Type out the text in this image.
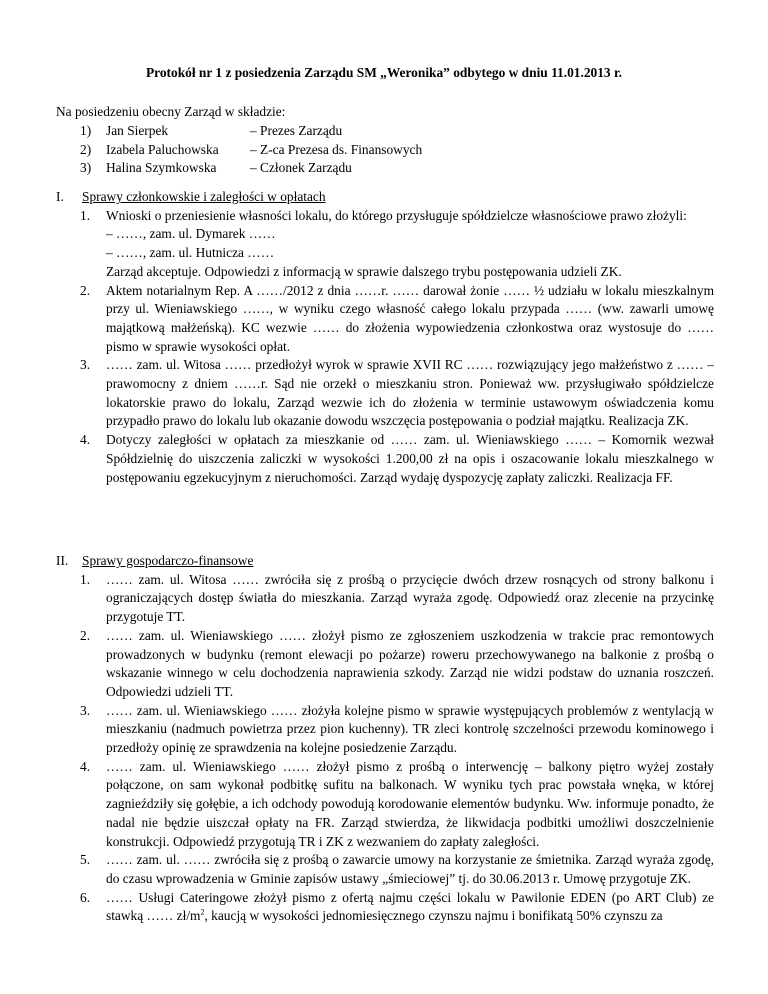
Protokół nr 1 z posiedzenia Zarządu SM „Weronika” odbytego w dniu 11.01.2013 r.
Na posiedzeniu obecny Zarząd w składzie:
1) Jan Sierpek	– Prezes Zarządu
2) Izabela Paluchowska – Z-ca Prezesa ds. Finansowych
3) Halina Szymkowska	– Członek Zarządu
I. Sprawy członkowskie i zaległości w opłatach
1. Wnioski o przeniesienie własności lokalu, do którego przysługuje spółdzielcze własnościowe prawo złożyli:
– ……, zam. ul. Dymarek ……
– ……, zam. ul. Hutnicza ……
Zarząd akceptuje. Odpowiedzi z informacją w sprawie dalszego trybu postępowania udzieli ZK.
2. Aktem notarialnym Rep. A ……/2012 z dnia ……r. …… darował żonie …… ½ udziału w lokalu mieszkalnym przy ul. Wieniawskiego ……, w wyniku czego własność całego lokalu przypada …… (ww. zawarli umowę majątkową małżeńską). KC wezwie …… do złożenia wypowiedzenia członkostwa oraz wystosuje do …… pismo w sprawie wysokości opłat.
3. …… zam. ul. Witosa …… przedłożył wyrok w sprawie XVII RC …… rozwiązujący jego małżeństwo z …… – prawomocny z dniem ……r. Sąd nie orzekł o mieszkaniu stron. Ponieważ ww. przysługiwało spółdzielcze lokatorskie prawo do lokalu, Zarząd wezwie ich do złożenia w terminie ustawowym oświadczenia komu przypadło prawo do lokalu lub okazanie dowodu wszczęcia postępowania o podział majątku. Realizacja ZK.
4. Dotyczy zaległości w opłatach za mieszkanie od …… zam. ul. Wieniawskiego …… – Komornik wezwał Spółdzielnię do uiszczenia zaliczki w wysokości 1.200,00 zł na opis i oszacowanie lokalu mieszkalnego w postępowaniu egzekucyjnym z nieruchomości. Zarząd wydaję dyspozycję zapłaty zaliczki. Realizacja FF.
II. Sprawy gospodarczo-finansowe
1. …… zam. ul. Witosa …… zwróciła się z prośbą o przycięcie dwóch drzew rosnących od strony balkonu i ograniczających dostęp światła do mieszkania. Zarząd wyraża zgodę. Odpowiedź oraz zlecenie na przycinkę przygotuje TT.
2. …… zam. ul. Wieniawskiego …… złożył pismo ze zgłoszeniem uszkodzenia w trakcie prac remontowych prowadzonych w budynku (remont elewacji po pożarze) roweru przechowywanego na balkonie z prośbą o wskazanie winnego w celu dochodzenia naprawienia szkody. Zarząd nie widzi podstaw do uznania roszczeń. Odpowiedzi udzieli TT.
3. …… zam. ul. Wieniawskiego …… złożyła kolejne pismo w sprawie występujących problemów z wentylacją w mieszkaniu (nadmuch powietrza przez pion kuchenny). TR zleci kontrolę szczelności przewodu kominowego i przedłoży opinię ze sprawdzenia na kolejne posiedzenie Zarządu.
4. …… zam. ul. Wieniawskiego …… złożył pismo z prośbą o interwencję – balkony piętro wyżej zostały połączone, on sam wykonał podbitkę sufitu na balkonach. W wyniku tych prac powstała wnęka, w której zagnieździły się gołębie, a ich odchody powodują korodowanie elementów budynku. Ww. informuje ponadto, że nadal nie będzie uiszczał opłaty na FR. Zarząd stwierdza, że likwidacja podbitki umożliwi doszczelnienie konstrukcji. Odpowiedź przygotują TR i ZK z wezwaniem do zapłaty zaległości.
5. …… zam. ul. …… zwróciła się z prośbą o zawarcie umowy na korzystanie ze śmietnika. Zarząd wyraża zgodę, do czasu wprowadzenia w Gminie zapisów ustawy „śmieciowej” tj. do 30.06.2013 r. Umowę przygotuje ZK.
6. …… Usługi Cateringowe złożył pismo z ofertą najmu części lokalu w Pawilonie EDEN (po ART Club) ze stawką …… $zł/m^2$, kaucją w wysokości jednomiesięcznego czynszu najmu i bonifikatą 50% czynszu za
